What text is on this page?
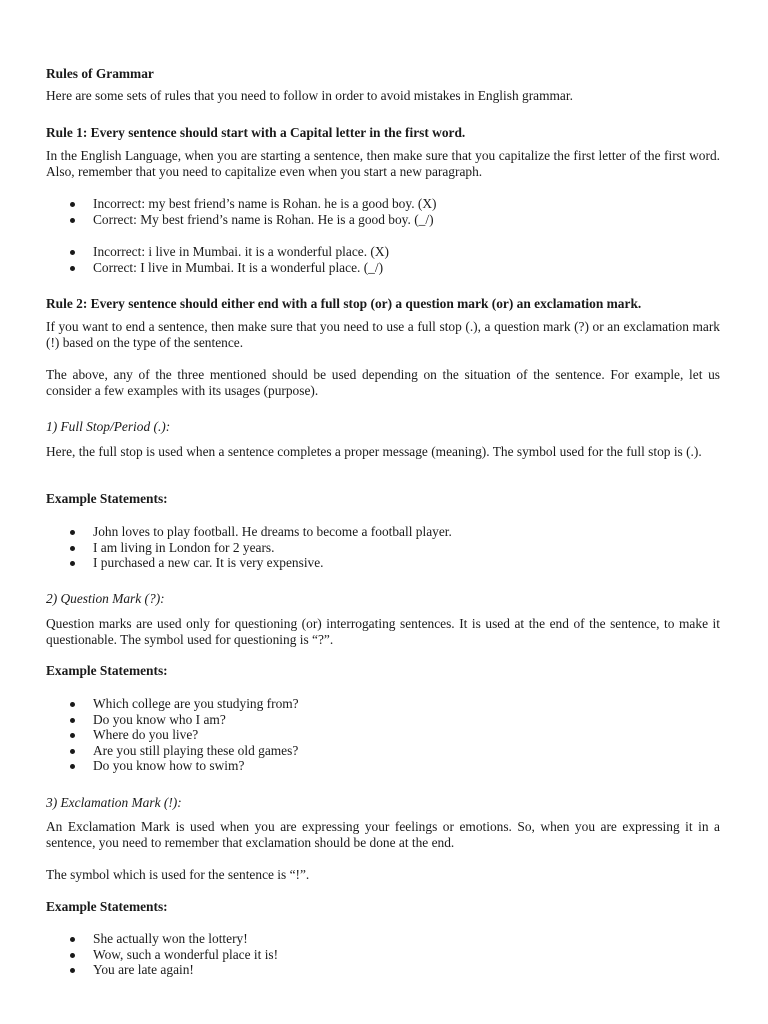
Rules of Grammar

Here are some sets of rules that you need to follow in order to avoid mistakes in English grammar.

Rule 1: Every sentence should start with a Capital letter in the first word.

In the English Language, when you are starting a sentence, then make sure that you capitalize the first letter of the first word. Also, remember that you need to capitalize even when you start a new paragraph.

Incorrect: my best friend’s name is Rohan. he is a good boy. (X)
Correct: My best friend’s name is Rohan. He is a good boy. (_/)
Incorrect: i live in Mumbai. it is a wonderful place. (X)
Correct: I live in Mumbai. It is a wonderful place. (_/)

Rule 2: Every sentence should either end with a full stop (or) a question mark (or) an exclamation mark.

If you want to end a sentence, then make sure that you need to use a full stop (.), a question mark (?) or an exclamation mark (!) based on the type of the sentence.

The above, any of the three mentioned should be used depending on the situation of the sentence. For example, let us consider a few examples with its usages (purpose).

1) Full Stop/Period (.):

Here, the full stop is used when a sentence completes a proper message (meaning). The symbol used for the full stop is (.).

Example Statements:

John loves to play football. He dreams to become a football player.
I am living in London for 2 years.
I purchased a new car. It is very expensive.

2) Question Mark (?):

Question marks are used only for questioning (or) interrogating sentences. It is used at the end of the sentence, to make it questionable. The symbol used for questioning is “?”.

Example Statements:

Which college are you studying from?
Do you know who I am?
Where do you live?
Are you still playing these old games?
Do you know how to swim?

3) Exclamation Mark (!):

An Exclamation Mark is used when you are expressing your feelings or emotions. So, when you are expressing it in a sentence, you need to remember that exclamation should be done at the end.

The symbol which is used for the sentence is “!”.

Example Statements:

She actually won the lottery!
Wow, such a wonderful place it is!
You are late again!
